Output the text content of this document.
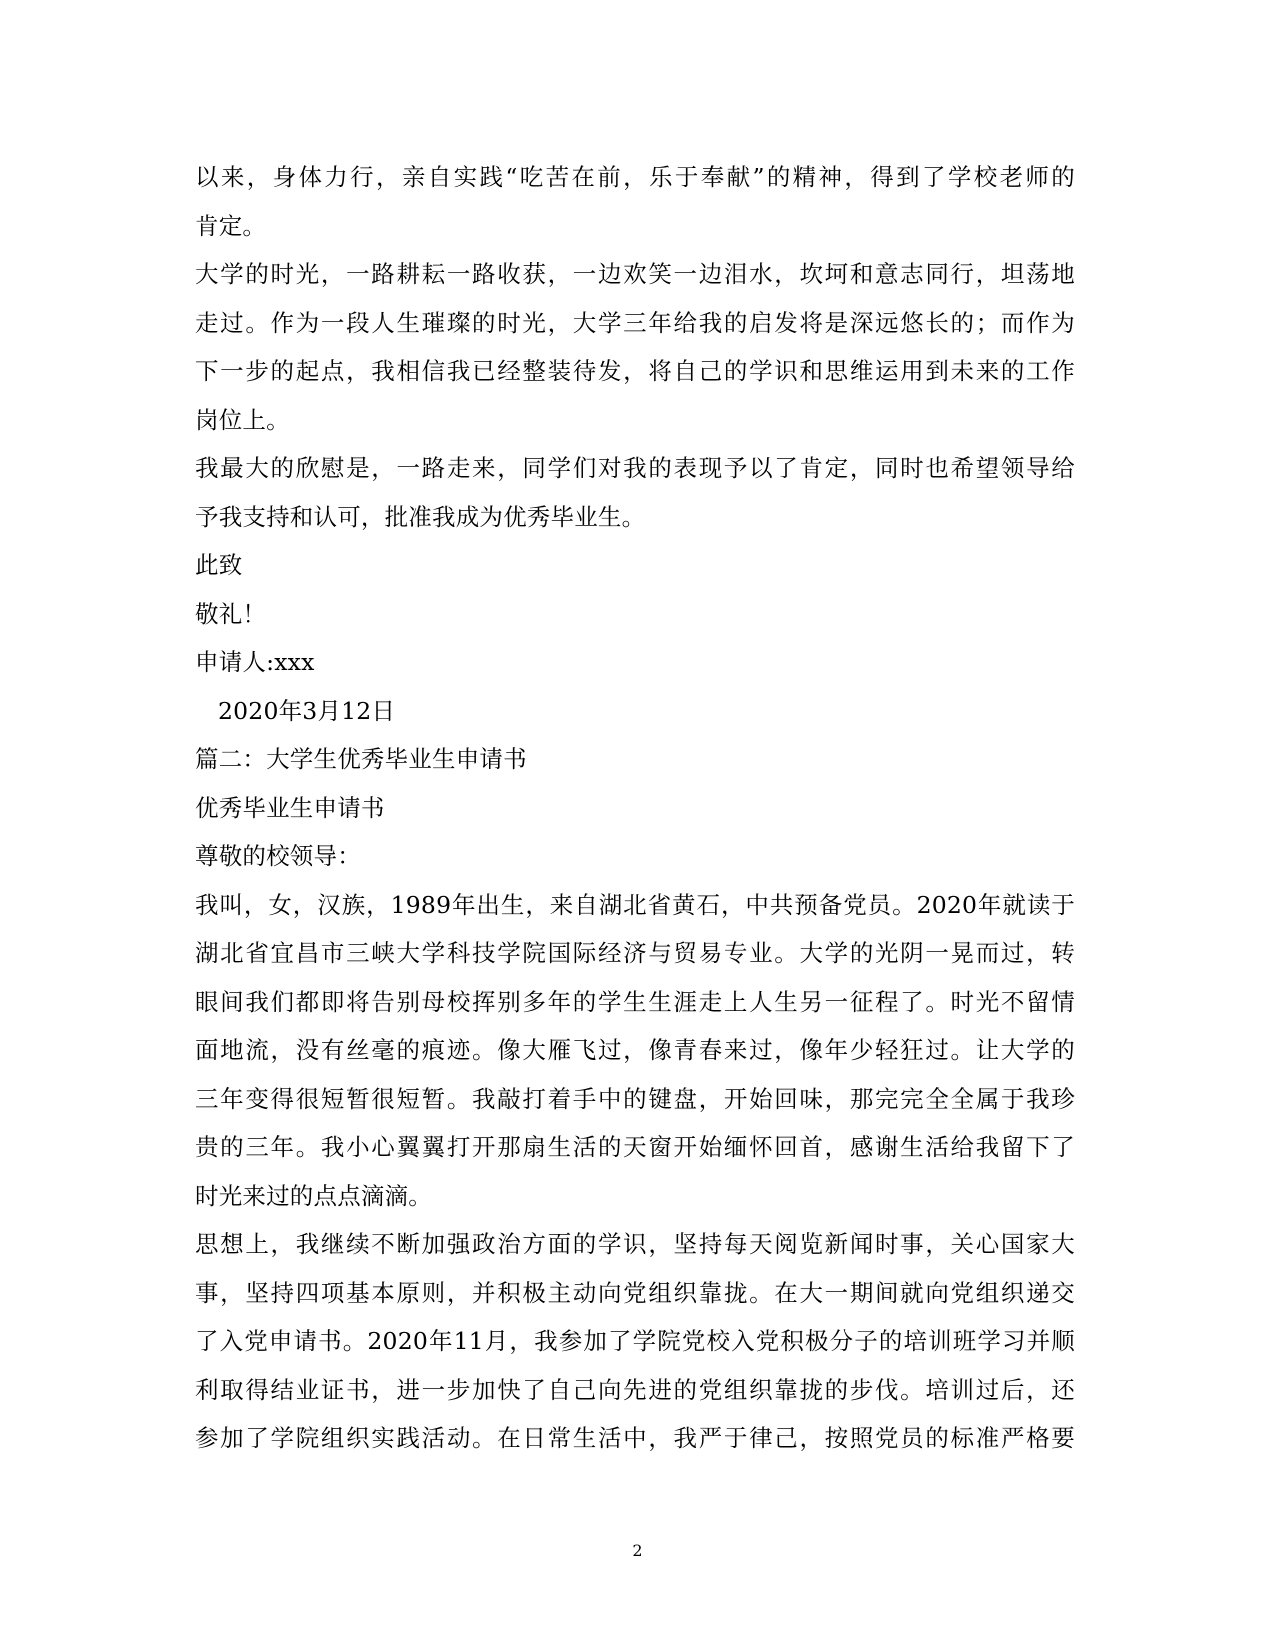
以来，身体力行，亲自实践“吃苦在前，乐于奉献”的精神，得到了学校老师的
肯定。
大学的时光，一路耕耘一路收获，一边欢笑一边泪水，坎坷和意志同行，坦荡地
走过。作为一段人生璀璨的时光，大学三年给我的启发将是深远悠长的；而作为
下一步的起点，我相信我已经整装待发，将自己的学识和思维运用到未来的工作
岗位上。
我最大的欣慰是，一路走来，同学们对我的表现予以了肯定，同时也希望领导给
予我支持和认可，批准我成为优秀毕业生。
此致
敬礼！
申请人:xxx
2020年3月12日
篇二：大学生优秀毕业生申请书
优秀毕业生申请书
尊敬的校领导：
我叫，女，汉族，1989年出生，来自湖北省黄石，中共预备党员。2020年就读于
湖北省宜昌市三峡大学科技学院国际经济与贸易专业。大学的光阴一晃而过，转
眼间我们都即将告别母校挥别多年的学生生涯走上人生另一征程了。时光不留情
面地流，没有丝毫的痕迹。像大雁飞过，像青春来过，像年少轻狂过。让大学的
三年变得很短暂很短暂。我敲打着手中的键盘，开始回味，那完完全全属于我珍
贵的三年。我小心翼翼打开那扇生活的天窗开始缅怀回首，感谢生活给我留下了
时光来过的点点滴滴。
思想上，我继续不断加强政治方面的学识，坚持每天阅览新闻时事，关心国家大
事，坚持四项基本原则，并积极主动向党组织靠拢。在大一期间就向党组织递交
了入党申请书。2020年11月，我参加了学院党校入党积极分子的培训班学习并顺
利取得结业证书，进一步加快了自己向先进的党组织靠拢的步伐。培训过后，还
参加了学院组织实践活动。在日常生活中，我严于律己，按照党员的标准严格要
2
